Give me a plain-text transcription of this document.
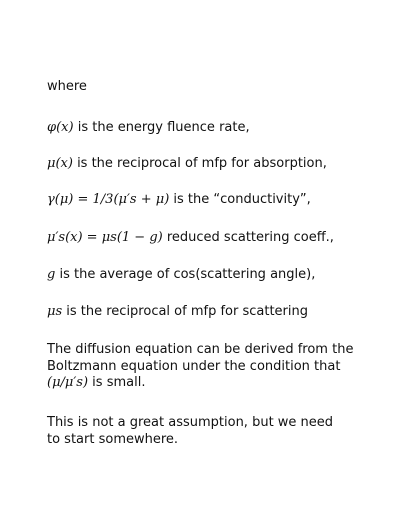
where
φ(x) is the energy fluence rate,
μ(x) is the reciprocal of mfp for absorption,
γ(μ) = 1/3(μ′s + μ) is the “conductivity”,
μ′s(x) = μs(1 − g) reduced scattering coeff.,
g is the average of cos(scattering angle),
μs is the reciprocal of mfp for scattering
The diffusion equation can be derived from the
Boltzmann equation under the condition that
(μ/μ′s) is small.
This is not a great assumption, but we need
to start somewhere.
